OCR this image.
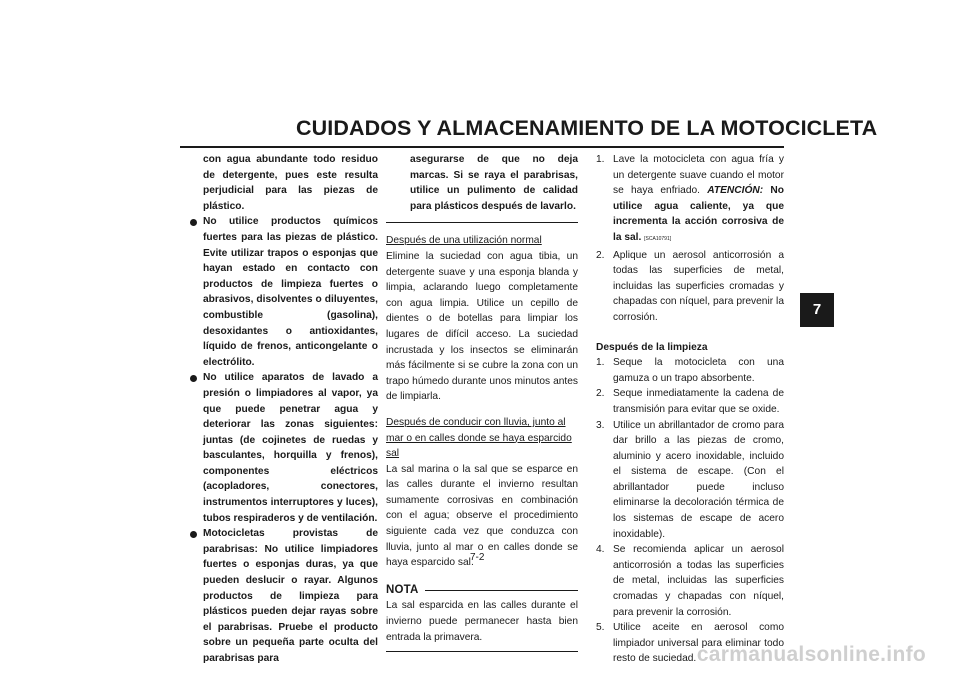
CUIDADOS Y ALMACENAMIENTO DE LA MOTOCICLETA

con agua abundante todo residuo de detergente, pues este resulta perjudicial para las piezas de plástico.

No utilice productos químicos fuertes para las piezas de plástico. Evite utilizar trapos o esponjas que hayan estado en contacto con productos de limpieza fuertes o abrasivos, disolventes o diluyentes, combustible (gasolina), desoxidantes o antioxidantes, líquido de frenos, anticongelante o electrólito.
No utilice aparatos de lavado a presión o limpiadores al vapor, ya que puede penetrar agua y deteriorar las zonas siguientes: juntas (de cojinetes de ruedas y basculantes, horquilla y frenos), componentes eléctricos (acopladores, conectores, instrumentos interruptores y luces), tubos respiraderos y de ventilación.
Motocicletas provistas de parabrisas: No utilice limpiadores fuertes o esponjas duras, ya que pueden deslucir o rayar. Algunos productos de limpieza para plásticos pueden dejar rayas sobre el parabrisas. Pruebe el producto sobre un pequeña parte oculta del parabrisas para

asegurarse de que no deja marcas. Si se raya el parabrisas, utilice un pulimento de calidad para plásticos después de lavarlo.

Después de una utilización normal

Elimine la suciedad con agua tibia, un detergente suave y una esponja blanda y limpia, aclarando luego completamente con agua limpia. Utilice un cepillo de dientes o de botellas para limpiar los lugares de difícil acceso. La suciedad incrustada y los insectos se eliminarán más fácilmente si se cubre la zona con un trapo húmedo durante unos minutos antes de limpiarla.

Después de conducir con lluvia, junto al mar o en calles donde se haya esparcido sal

La sal marina o la sal que se esparce en las calles durante el invierno resultan sumamente corrosivas en combinación con el agua; observe el procedimiento siguiente cada vez que conduzca con lluvia, junto al mar o en calles donde se haya esparcido sal.

NOTA

La sal esparcida en las calles durante el invierno puede permanecer hasta bien entrada la primavera.

1. Lave la motocicleta con agua fría y un detergente suave cuando el motor se haya enfriado. ATENCIÓN: No utilice agua caliente, ya que incrementa la acción corrosiva de la sal. [SCA10791]
2. Aplique un aerosol anticorrosión a todas las superficies de metal, incluidas las superficies cromadas y chapadas con níquel, para prevenir la corrosión.

Después de la limpieza

1. Seque la motocicleta con una gamuza o un trapo absorbente.
2. Seque inmediatamente la cadena de transmisión para evitar que se oxide.
3. Utilice un abrillantador de cromo para dar brillo a las piezas de cromo, aluminio y acero inoxidable, incluido el sistema de escape. (Con el abrillantador puede incluso eliminarse la decoloración térmica de los sistemas de escape de acero inoxidable).
4. Se recomienda aplicar un aerosol anticorrosión a todas las superficies de metal, incluidas las superficies cromadas y chapadas con níquel, para prevenir la corrosión.
5. Utilice aceite en aerosol como limpiador universal para eliminar todo resto de suciedad.
7
7-2
carmanualsonline.info
